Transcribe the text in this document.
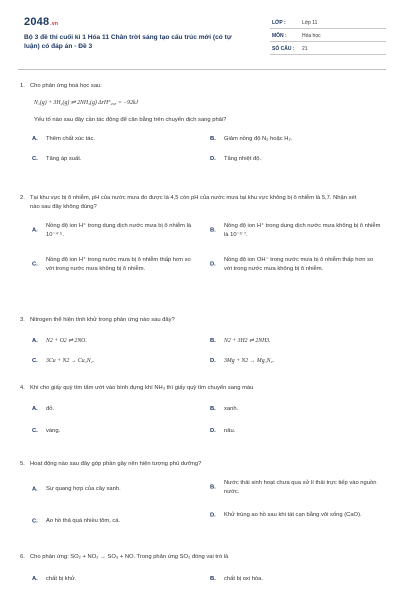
2048.vn
Bộ 3 đề thi cuối kì 1 Hóa 11 Chân trời sáng tạo cấu trúc mới (có tự luận) có đáp án - Đề 3
LỚP :	Lớp 11
MÔN :	Hóa học
SỐ CÂU : 21
1. Cho phản ứng hoá học sau:
N₂(g) + 3H₂(g) ⇌ 2NH₃(g) ΔrH°₂₉₈ = −92kJ
Yếu tố nào sau đây cần tác động để cân bằng trên chuyển dịch sang phải?
A.	Thêm chất xúc tác.	B.	Giảm nồng độ N₂ hoặc H₂.
C.	Tăng áp suất.	D.	Tăng nhiệt độ.
2. Tại khu vực bị ô nhiễm, pH của nước mưa đo được là 4,5 còn pH của nước mưa tại khu vực không bị ô nhiễm là 5,7. Nhận xét nào sau đây không đúng?
A.
Nồng độ ion H⁺ trong dung dịch nước mưa bị ô nhiễm là 10⁻⁴˙⁵.
B.
Nồng độ ion H⁺ trong dung dịch nước mưa không bị ô nhiễm là 10⁻⁵˙⁷.
C.
Nồng độ ion H⁺ trong nước mưa bị ô nhiễm thấp hơn so với trong nước mưa không bị ô nhiễm.
D.
Nồng độ ion OH⁻ trong nước mưa bị ô nhiễm thấp hơn so với trong nước mưa không bị ô nhiễm.
3. Nitrogen thể hiện tính khử trong phản ứng nào sau đây?
A.	N2 + O2 ⇌ 2NO.	B.	N2 + 3H2 ⇌ 2NH3.
C.	3Cu + N2 → Cu₃N₂.	D.	3Mg + N2 → Mg₃N₂.
4. Khi cho giấy quỳ tím tẩm ướt vào bình đựng khí NH₃ thì giấy quỳ tím chuyển sang màu
A.	đỏ.	B.	xanh.
C.	vàng.	D.	nâu.
5. Hoạt động nào sau đây góp phần gây nên hiện tượng phú dưỡng?
A.	Sự quang hợp của cây xanh.	B.
Nước thải sinh hoạt chưa qua xử lí thải trực tiếp vào nguồn nước.
C.	Ao hồ thả quá nhiều tôm, cá.
D.	Khử trùng ao hồ sau khi tát cạn bằng vôi sống (CaO).
6. Cho phản ứng: SO₂ + NO₂ → SO₃ + NO. Trong phản ứng SO₂ đóng vai trò là
A.	chất bị khử.	B.	chất bị oxi hóa.
